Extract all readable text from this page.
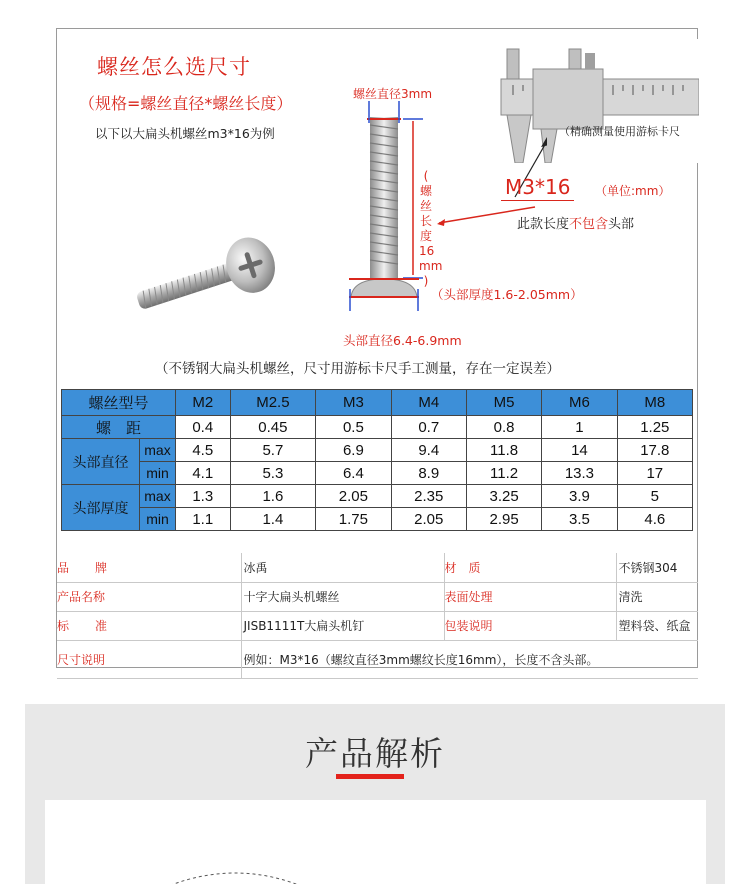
螺丝怎么选尺寸
（规格=螺丝直径*螺丝长度）
以下以大扁头机螺丝m3*16为例
螺丝直径3mm
(
螺
丝
长
度
16
mm
)
（头部厚度1.6-2.05mm）
头部直径6.4-6.9mm
（精确测量使用游标卡尺
M3*16	（单位:mm）
此款长度不包含头部
（不锈钢大扁头机螺丝，尺寸用游标卡尺手工测量，存在一定误差）
螺丝型号		M2	M2.5	M3	M4	M5	M6	M8
螺　距		0.4	0.45	0.5	0.7	0.8	1	1.25
头部直径	max	4.5	5.7	6.9	9.4	11.8	14	17.8
	min	4.1	5.3	6.4	8.9	11.2	13.3	17
头部厚度	max	1.3	1.6	2.05	2.35	3.25	3.9	5
	min	1.1	1.4	1.75	2.05	2.95	3.5	4.6
品牌	冰禹	材　质	不锈钢304
产品名称	十字大扁头机螺丝	表面处理	清洗
标准	JISB1111T大扁头机钉	包装说明	塑料袋、纸盒
尺寸说明	例如：M3*16（螺纹直径3mm螺纹长度16mm），长度不含头部。		
产品解析
